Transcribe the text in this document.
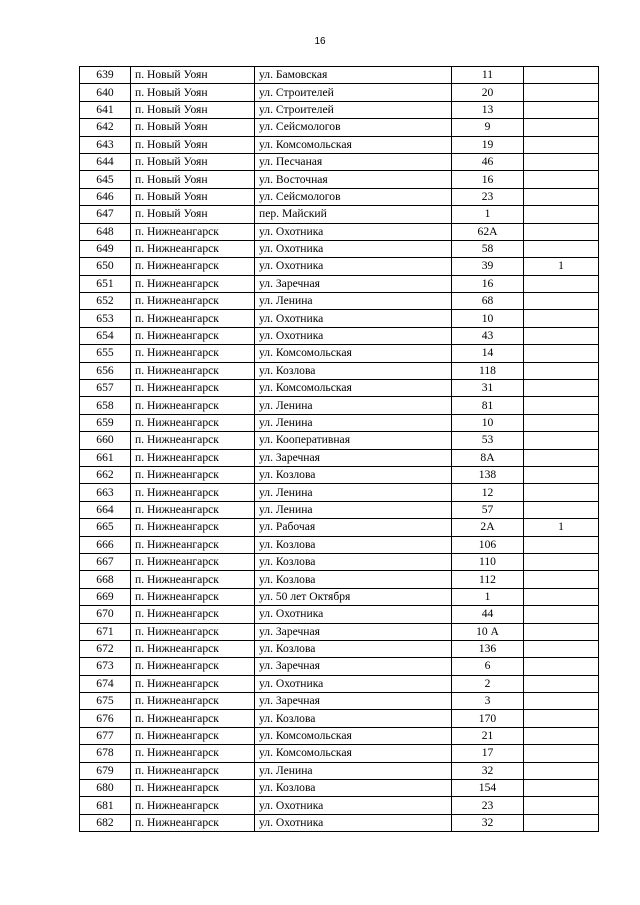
16
639	п. Новый Уоян	ул. Бамовская	11	
640	п. Новый Уоян	ул. Строителей	20	
641	п. Новый Уоян	ул. Строителей	13	
642	п. Новый Уоян	ул. Сейсмологов	9	
643	п. Новый Уоян	ул. Комсомольская	19	
644	п. Новый Уоян	ул. Песчаная	46	
645	п. Новый Уоян	ул. Восточная	16	
646	п. Новый Уоян	ул. Сейсмологов	23	
647	п. Новый Уоян	пер. Майский	1	
648	п. Нижнеангарск	ул. Охотника	62А	
649	п. Нижнеангарск	ул. Охотника	58	
650	п. Нижнеангарск	ул. Охотника	39	1
651	п. Нижнеангарск	ул. Заречная	16	
652	п. Нижнеангарск	ул. Ленина	68	
653	п. Нижнеангарск	ул. Охотника	10	
654	п. Нижнеангарск	ул. Охотника	43	
655	п. Нижнеангарск	ул. Комсомольская	14	
656	п. Нижнеангарск	ул. Козлова	118	
657	п. Нижнеангарск	ул. Комсомольская	31	
658	п. Нижнеангарск	ул. Ленина	81	
659	п. Нижнеангарск	ул. Ленина	10	
660	п. Нижнеангарск	ул. Кооперативная	53	
661	п. Нижнеангарск	ул. Заречная	8А	
662	п. Нижнеангарск	ул. Козлова	138	
663	п. Нижнеангарск	ул. Ленина	12	
664	п. Нижнеангарск	ул. Ленина	57	
665	п. Нижнеангарск	ул. Рабочая	2А	1
666	п. Нижнеангарск	ул. Козлова	106	
667	п. Нижнеангарск	ул. Козлова	110	
668	п. Нижнеангарск	ул. Козлова	112	
669	п. Нижнеангарск	ул. 50 лет Октября	1	
670	п. Нижнеангарск	ул. Охотника	44	
671	п. Нижнеангарск	ул. Заречная	10 А	
672	п. Нижнеангарск	ул. Козлова	136	
673	п. Нижнеангарск	ул. Заречная	6	
674	п. Нижнеангарск	ул. Охотника	2	
675	п. Нижнеангарск	ул. Заречная	3	
676	п. Нижнеангарск	ул. Козлова	170	
677	п. Нижнеангарск	ул. Комсомольская	21	
678	п. Нижнеангарск	ул. Комсомольская	17	
679	п. Нижнеангарск	ул. Ленина	32	
680	п. Нижнеангарск	ул. Козлова	154	
681	п. Нижнеангарск	ул. Охотника	23	
682	п. Нижнеангарск	ул. Охотника	32	
